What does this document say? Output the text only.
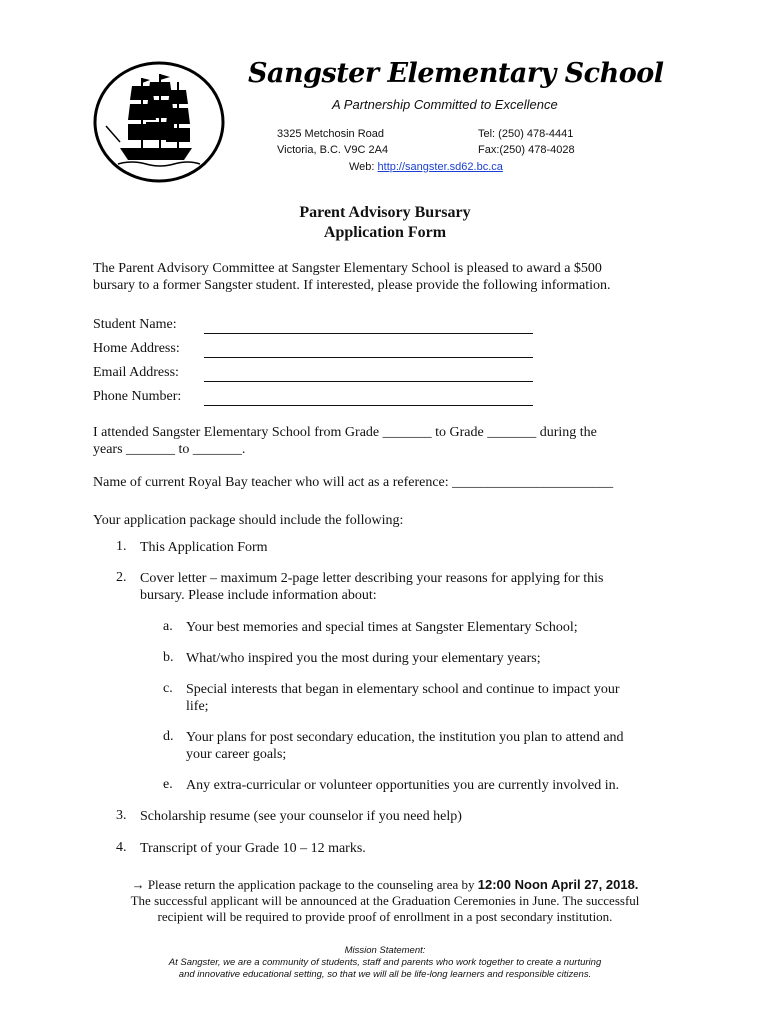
Sangster Elementary School
A Partnership Committed to Excellence
3325 Metchosin Road
Victoria, B.C. V9C 2A4
Tel: (250) 478-4441
Fax:(250) 478-4028
Web: http://sangster.sd62.bc.ca
Parent Advisory Bursary
Application Form
The Parent Advisory Committee at Sangster Elementary School is pleased to award a $500
bursary to a former Sangster student. If interested, please provide the following information.
Student Name:
Home Address:
Email Address:
Phone Number:
I attended Sangster Elementary School from Grade _______ to Grade _______ during the
years _______ to _______.
Name of current Royal Bay teacher who will act as a reference: _______________________
Your application package should include the following:
1. This Application Form
2. Cover letter – maximum 2-page letter describing your reasons for applying for this
bursary. Please include information about:
a. Your best memories and special times at Sangster Elementary School;
b. What/who inspired you the most during your elementary years;
c. Special interests that began in elementary school and continue to impact your
life;
d. Your plans for post secondary education, the institution you plan to attend and
your career goals;
e. Any extra-curricular or volunteer opportunities you are currently involved in.
3. Scholarship resume (see your counselor if you need help)
4. Transcript of your Grade 10 – 12 marks.
→ Please return the application package to the counseling area by 12:00 Noon April 27, 2018.
The successful applicant will be announced at the Graduation Ceremonies in June. The successful
recipient will be required to provide proof of enrollment in a post secondary institution.
Mission Statement:
At Sangster, we are a community of students, staff and parents who work together to create a nurturing
and innovative educational setting, so that we will all be life-long learners and responsible citizens.
